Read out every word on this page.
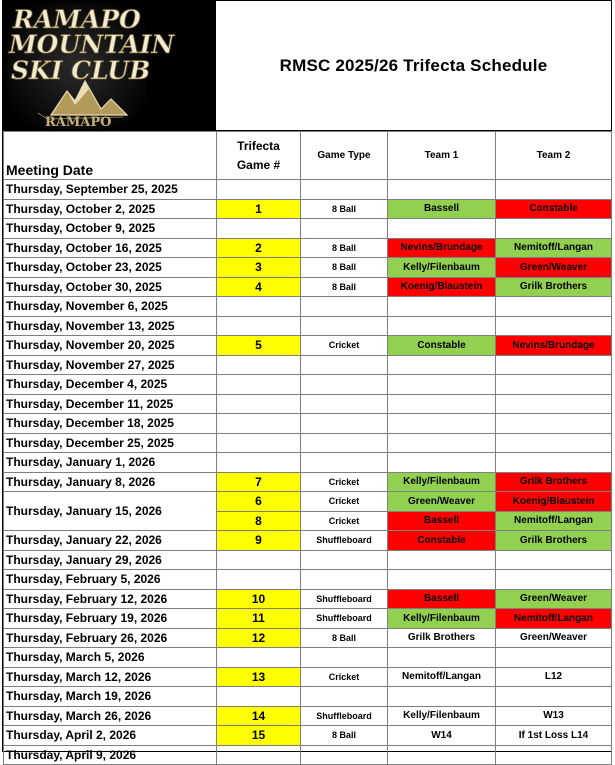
RAMAPO
MOUNTAIN
SKI CLUB
RAMAPO
RMSC 2025/26 Trifecta Schedule
Meeting Date	Trifecta Game #	Game Type	Team 1	Team 2
Thursday, September 25, 2025				
Thursday, October 2, 2025	1	8 Ball	Bassell	Constable
Thursday, October 9, 2025				
Thursday, October 16, 2025	2	8 Ball	Nevins/Brundage	Nemitoff/Langan
Thursday, October 23, 2025	3	8 Ball	Kelly/Filenbaum	Green/Weaver
Thursday, October 30, 2025	4	8 Ball	Koenig/Blaustein	Grilk Brothers
Thursday, November 6, 2025				
Thursday, November 13, 2025				
Thursday, November 20, 2025	5	Cricket	Constable	Nevins/Brundage
Thursday, November 27, 2025				
Thursday, December 4, 2025				
Thursday, December 11, 2025				
Thursday, December 18, 2025				
Thursday, December 25, 2025				
Thursday, January 1, 2026				
Thursday, January 8, 2026	7	Cricket	Kelly/Filenbaum	Grilk Brothers
Thursday, January 15, 2026	6	Cricket	Green/Weaver	Koenig/Blaustein
	8	Cricket	Bassell	Nemitoff/Langan
Thursday, January 22, 2026	9	Shuffleboard	Constable	Grilk Brothers
Thursday, January 29, 2026				
Thursday, February 5, 2026				
Thursday, February 12, 2026	10	Shuffleboard	Bassell	Green/Weaver
Thursday, February 19, 2026	11	Shuffleboard	Kelly/Filenbaum	Nemitoff/Langan
Thursday, February 26, 2026	12	8 Ball	Grilk Brothers	Green/Weaver
Thursday, March 5, 2026				
Thursday, March 12, 2026	13	Cricket	Nemitoff/Langan	L12
Thursday, March 19, 2026				
Thursday, March 26, 2026	14	Shuffleboard	Kelly/Filenbaum	W13
Thursday, April 2, 2026	15	8 Ball	W14	If 1st Loss L14
Thursday, April 9, 2026				
